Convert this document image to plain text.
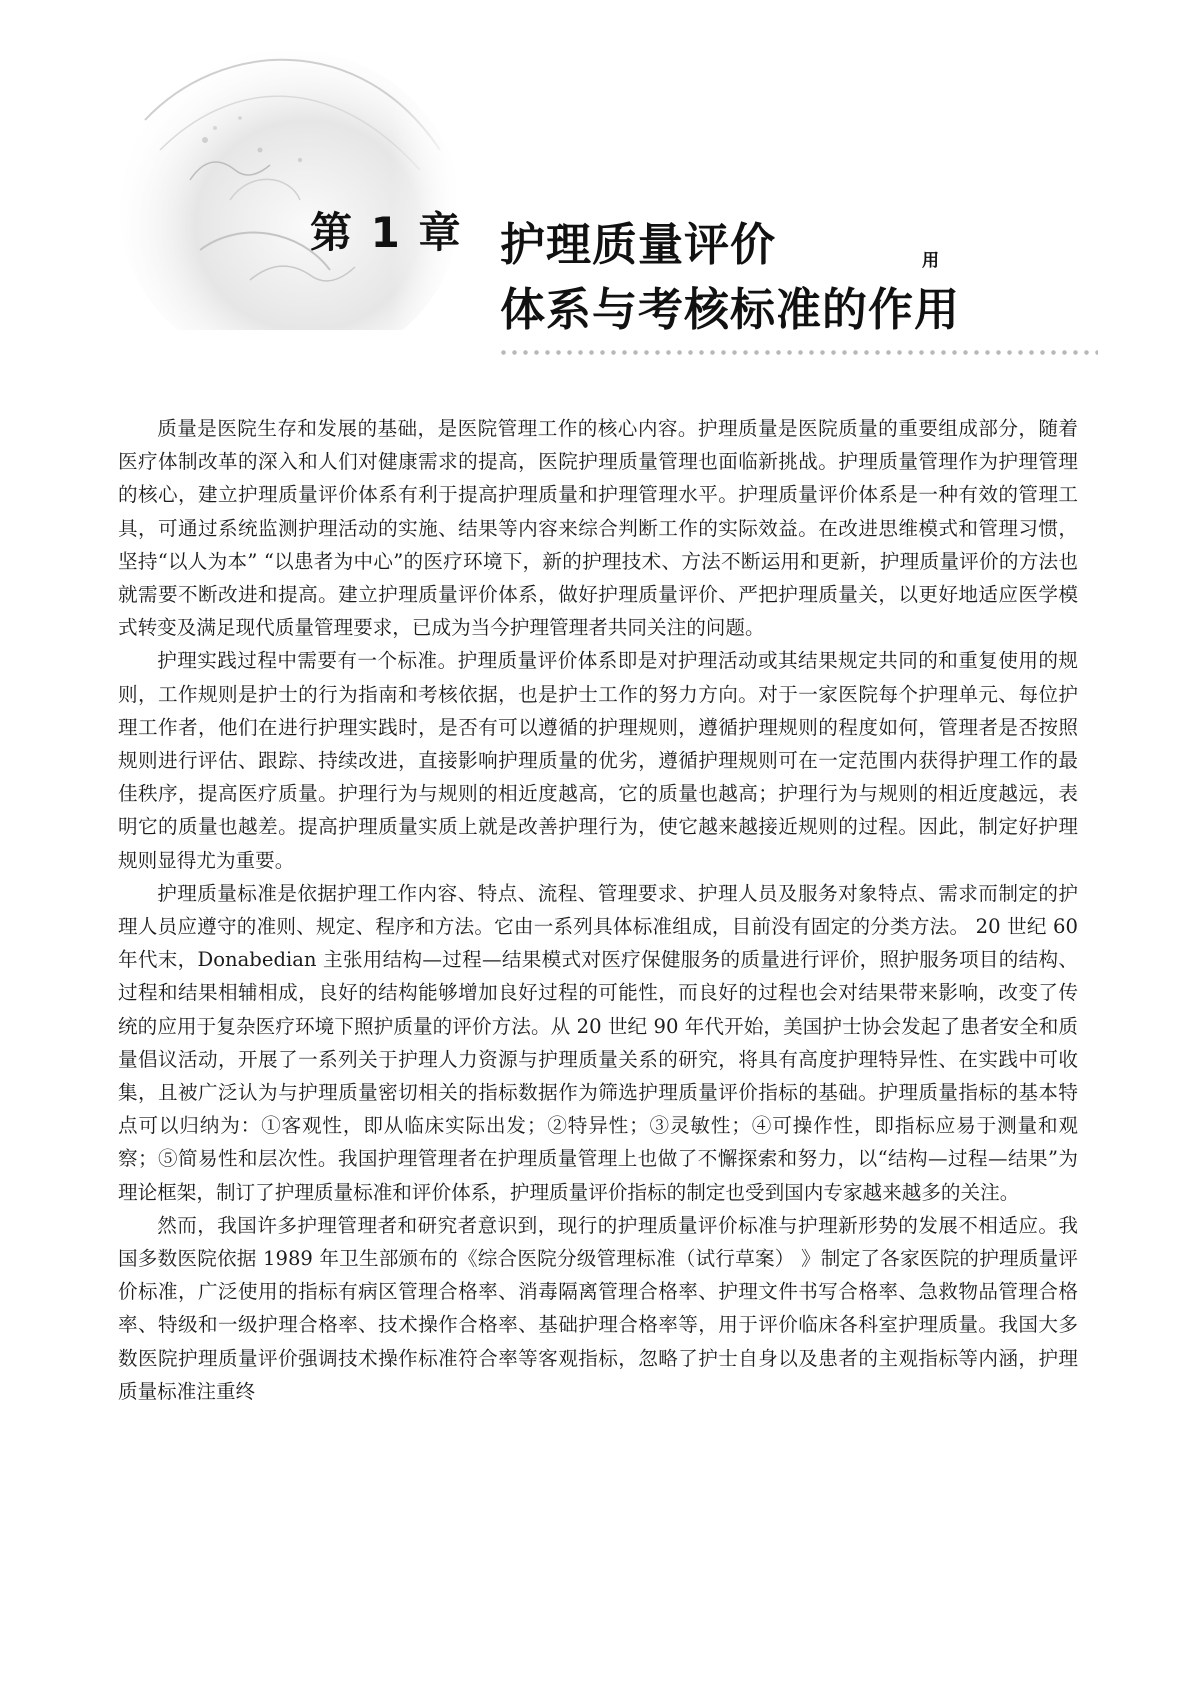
第 1 章 护理质量评价
体系与考核标准的作用
用

质量是医院生存和发展的基础，是医院管理工作的核心内容。护理质量是医院质量的重要组成部分，随着医疗体制改革的深入和人们对健康需求的提高，医院护理质量管理也面临新挑战。护理质量管理作为护理管理的核心，建立护理质量评价体系有利于提高护理质量和护理管理水平。护理质量评价体系是一种有效的管理工具，可通过系统监测护理活动的实施、结果等内容来综合判断工作的实际效益。在改进思维模式和管理习惯，坚持“以人为本” “以患者为中心”的医疗环境下，新的护理技术、方法不断运用和更新，护理质量评价的方法也就需要不断改进和提高。建立护理质量评价体系，做好护理质量评价、严把护理质量关，以更好地适应医学模式转变及满足现代质量管理要求，已成为当今护理管理者共同关注的问题。

护理实践过程中需要有一个标准。护理质量评价体系即是对护理活动或其结果规定共同的和重复使用的规则，工作规则是护士的行为指南和考核依据，也是护士工作的努力方向。对于一家医院每个护理单元、每位护理工作者，他们在进行护理实践时，是否有可以遵循的护理规则，遵循护理规则的程度如何，管理者是否按照规则进行评估、跟踪、持续改进，直接影响护理质量的优劣，遵循护理规则可在一定范围内获得护理工作的最佳秩序，提高医疗质量。护理行为与规则的相近度越高，它的质量也越高；护理行为与规则的相近度越远，表明它的质量也越差。提高护理质量实质上就是改善护理行为，使它越来越接近规则的过程。因此，制定好护理规则显得尤为重要。

护理质量标准是依据护理工作内容、特点、流程、管理要求、护理人员及服务对象特点、需求而制定的护理人员应遵守的准则、规定、程序和方法。它由一系列具体标准组成，目前没有固定的分类方法。 20 世纪 60 年代末，Donabedian 主张用结构—过程—结果模式对医疗保健服务的质量进行评价，照护服务项目的结构、过程和结果相辅相成，良好的结构能够增加良好过程的可能性，而良好的过程也会对结果带来影响，改变了传统的应用于复杂医疗环境下照护质量的评价方法。从 20 世纪 90 年代开始，美国护士协会发起了患者安全和质量倡议活动，开展了一系列关于护理人力资源与护理质量关系的研究，将具有高度护理特异性、在实践中可收集，且被广泛认为与护理质量密切相关的指标数据作为筛选护理质量评价指标的基础。护理质量指标的基本特点可以归纳为：①客观性，即从临床实际出发；②特异性；③灵敏性；④可操作性，即指标应易于测量和观察；⑤简易性和层次性。我国护理管理者在护理质量管理上也做了不懈探索和努力，以“结构—过程—结果”为理论框架，制订了护理质量标准和评价体系，护理质量评价指标的制定也受到国内专家越来越多的关注。

然而，我国许多护理管理者和研究者意识到，现行的护理质量评价标准与护理新形势的发展不相适应。我国多数医院依据 1989 年卫生部颁布的《综合医院分级管理标准（试行草案） 》制定了各家医院的护理质量评价标准，广泛使用的指标有病区管理合格率、消毒隔离管理合格率、护理文件书写合格率、急救物品管理合格率、特级和一级护理合格率、技术操作合格率、基础护理合格率等，用于评价临床各科室护理质量。我国大多数医院护理质量评价强调技术操作标准符合率等客观指标，忽略了护士自身以及患者的主观指标等内涵，护理质量标准注重终
